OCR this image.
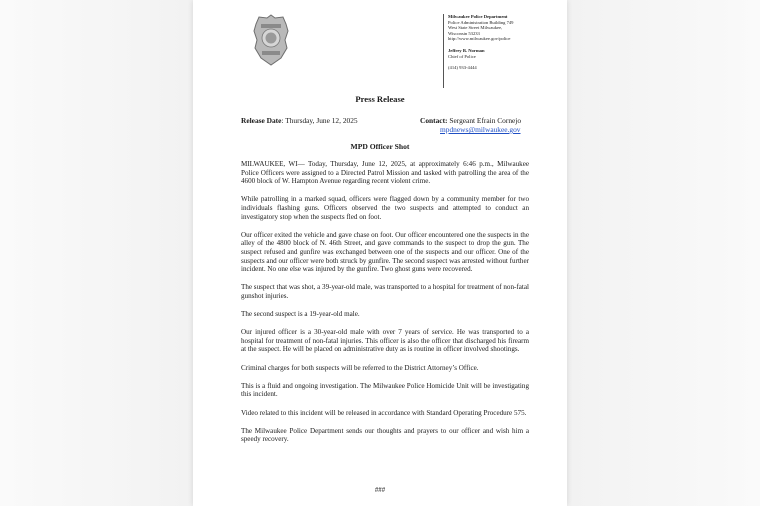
Milwaukee Police Department
Police Administration Building 749
West State Street Milwaukee,
Wisconsin 53233
http://www.milwaukee.gov/police
Jeffrey B. Norman
Chief of Police
(414) 933-4444
Press Release
Release Date: Thursday, June 12, 2025	Contact: Sergeant Efrain Cornejo
mpdnews@milwaukee.gov
MPD Officer Shot

MILWAUKEE, WI— Today, Thursday, June 12, 2025, at approximately 6:46 p.m., Milwaukee Police Officers were assigned to a Directed Patrol Mission and tasked with patrolling the area of the 4600 block of W. Hampton Avenue regarding recent violent crime.

While patrolling in a marked squad, officers were flagged down by a community member for two individuals flashing guns. Officers observed the two suspects and attempted to conduct an investigatory stop when the suspects fled on foot.

Our officer exited the vehicle and gave chase on foot. Our officer encountered one the suspects in the alley of the 4800 block of N. 46th Street, and gave commands to the suspect to drop the gun. The suspect refused and gunfire was exchanged between one of the suspects and our officer. One of the suspects and our officer were both struck by gunfire. The second suspect was arrested without further incident. No one else was injured by the gunfire. Two ghost guns were recovered.

The suspect that was shot, a 39-year-old male, was transported to a hospital for treatment of non-fatal gunshot injuries.

The second suspect is a 19-year-old male.

Our injured officer is a 30-year-old male with over 7 years of service. He was transported to a hospital for treatment of non-fatal injuries. This officer is also the officer that discharged his firearm at the suspect. He will be placed on administrative duty as is routine in officer involved shootings.

Criminal charges for both suspects will be referred to the District Attorney’s Office.

This is a fluid and ongoing investigation. The Milwaukee Police Homicide Unit will be investigating this incident.

Video related to this incident will be released in accordance with Standard Operating Procedure 575.

The Milwaukee Police Department sends our thoughts and prayers to our officer and wish him a speedy recovery.

###
